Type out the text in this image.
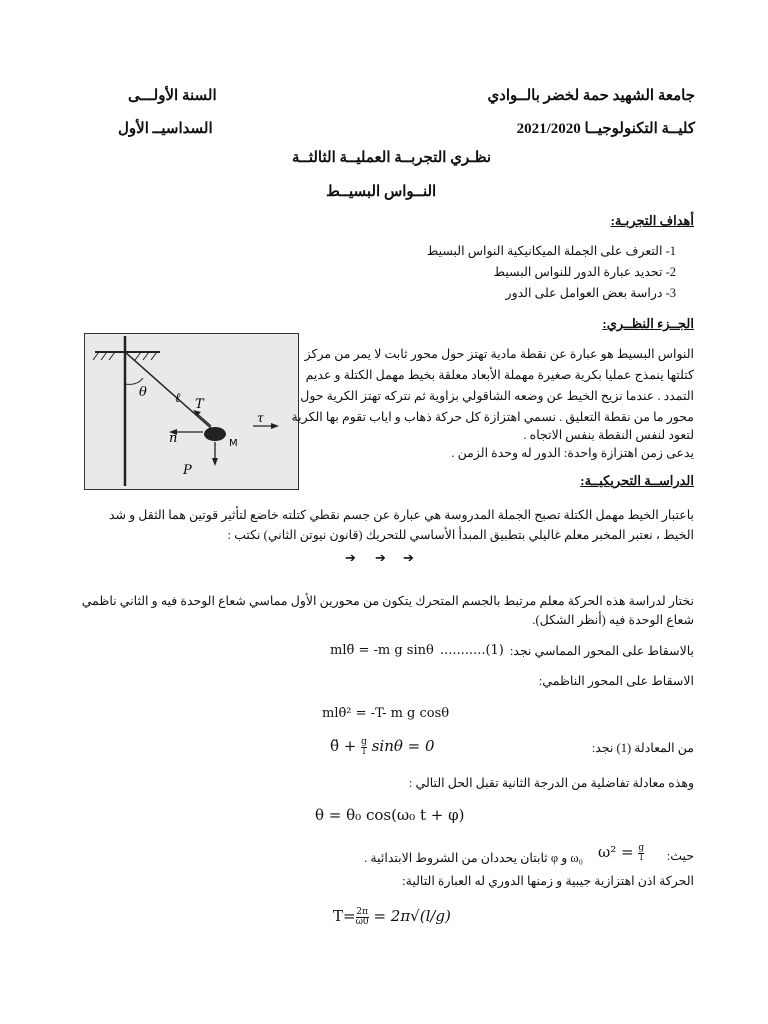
جامعة الشهيد حمة لخضر بالــوادي
السنة الأولـــى
كليــة التكنولوجيــا 2021/2020
السداسيــ الأول
نظـري التجربــة العمليــة الثالثــة
النــواس البسيــط
أهداف التجربـة:
1- التعرف على الجملة الميكانيكية النواس البسيط
2- تحديد عبارة الدور للنواس البسيط
3- دراسة بعض العوامل على الدور
الجــزء النظــري:
θ ℓ T
n	M
P
τ
النواس البسيط هو عبارة عن نقطة مادية تهتز حول محور ثابت لا يمر من مركز
كتلتها ينمذج عمليا بكرية صغيرة مهملة الأبعاد معلقة بخيط مهمل الكتلة و عديم
التمدد . عندما نزيح الخيط عن وضعه الشاقولي بزاوية ثم نتركه تهتز الكرية حول
محور ما من نقطة التعليق . نسمي اهتزازة كل حركة ذهاب و اياب تقوم بها الكرية
لتعود لنفس النقطة بنفس الاتجاه .
يدعى زمن اهتزازة واحدة: الدور له وحدة الزمن .
الدراســة التحريكيــة:
باعتبار الخيط مهمل الكتلة تصبح الجملة المدروسة هي عبارة عن جسم نقطي كتلته خاضع لتأثير قوتين هما الثقل و شد
الخيط ، نعتبر المخبر معلم غاليلي بتطبيق المبدأ الأساسي للتحريك (قانون نيوتن الثاني) نكتب :
➔ ➔ ➔
نختار لدراسة هذه الحركة معلم مرتبط بالجسم المتحرك يتكون من محورين الأول مماسي شعاع الوحدة فيه و الثاني ناظمي
شعاع الوحدة فيه (أنظر الشكل).
بالاسقاط على المحور المماسي نجد:
mlθ̈ = -m g sinθ ...........(1)
الاسقاط على المحور الناظمي:
mlθ̇² = -T- m g cosθ
من المعادلة (1) نجد:
θ̈ + $\frac{g}{l}$ sinθ = 0
وهذه معادلة تفاضلية من الدرجة الثانية تقبل الحل التالي :
θ = θ₀ cos(ω₀ t + φ)
حيث:
$\omega^2 = \frac{g}{l}$
ω₀ و φ ثابتان يحددان من الشروط الابتدائية .
الحركة اذن اهتزازية جيبية و زمنها الدوري له العبارة التالية:
$T= \frac{2\pi}{\omega 0} = 2\pi√(l/g)$
